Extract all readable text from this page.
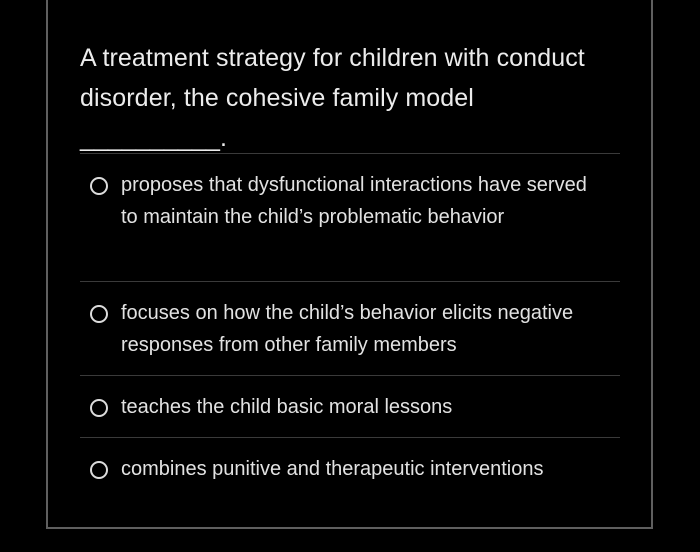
A treatment strategy for children with conduct disorder, the cohesive family model __________.
proposes that dysfunctional interactions have served to maintain the child’s problematic behavior
focuses on how the child’s behavior elicits negative responses from other family members
teaches the child basic moral lessons
combines punitive and therapeutic interventions
